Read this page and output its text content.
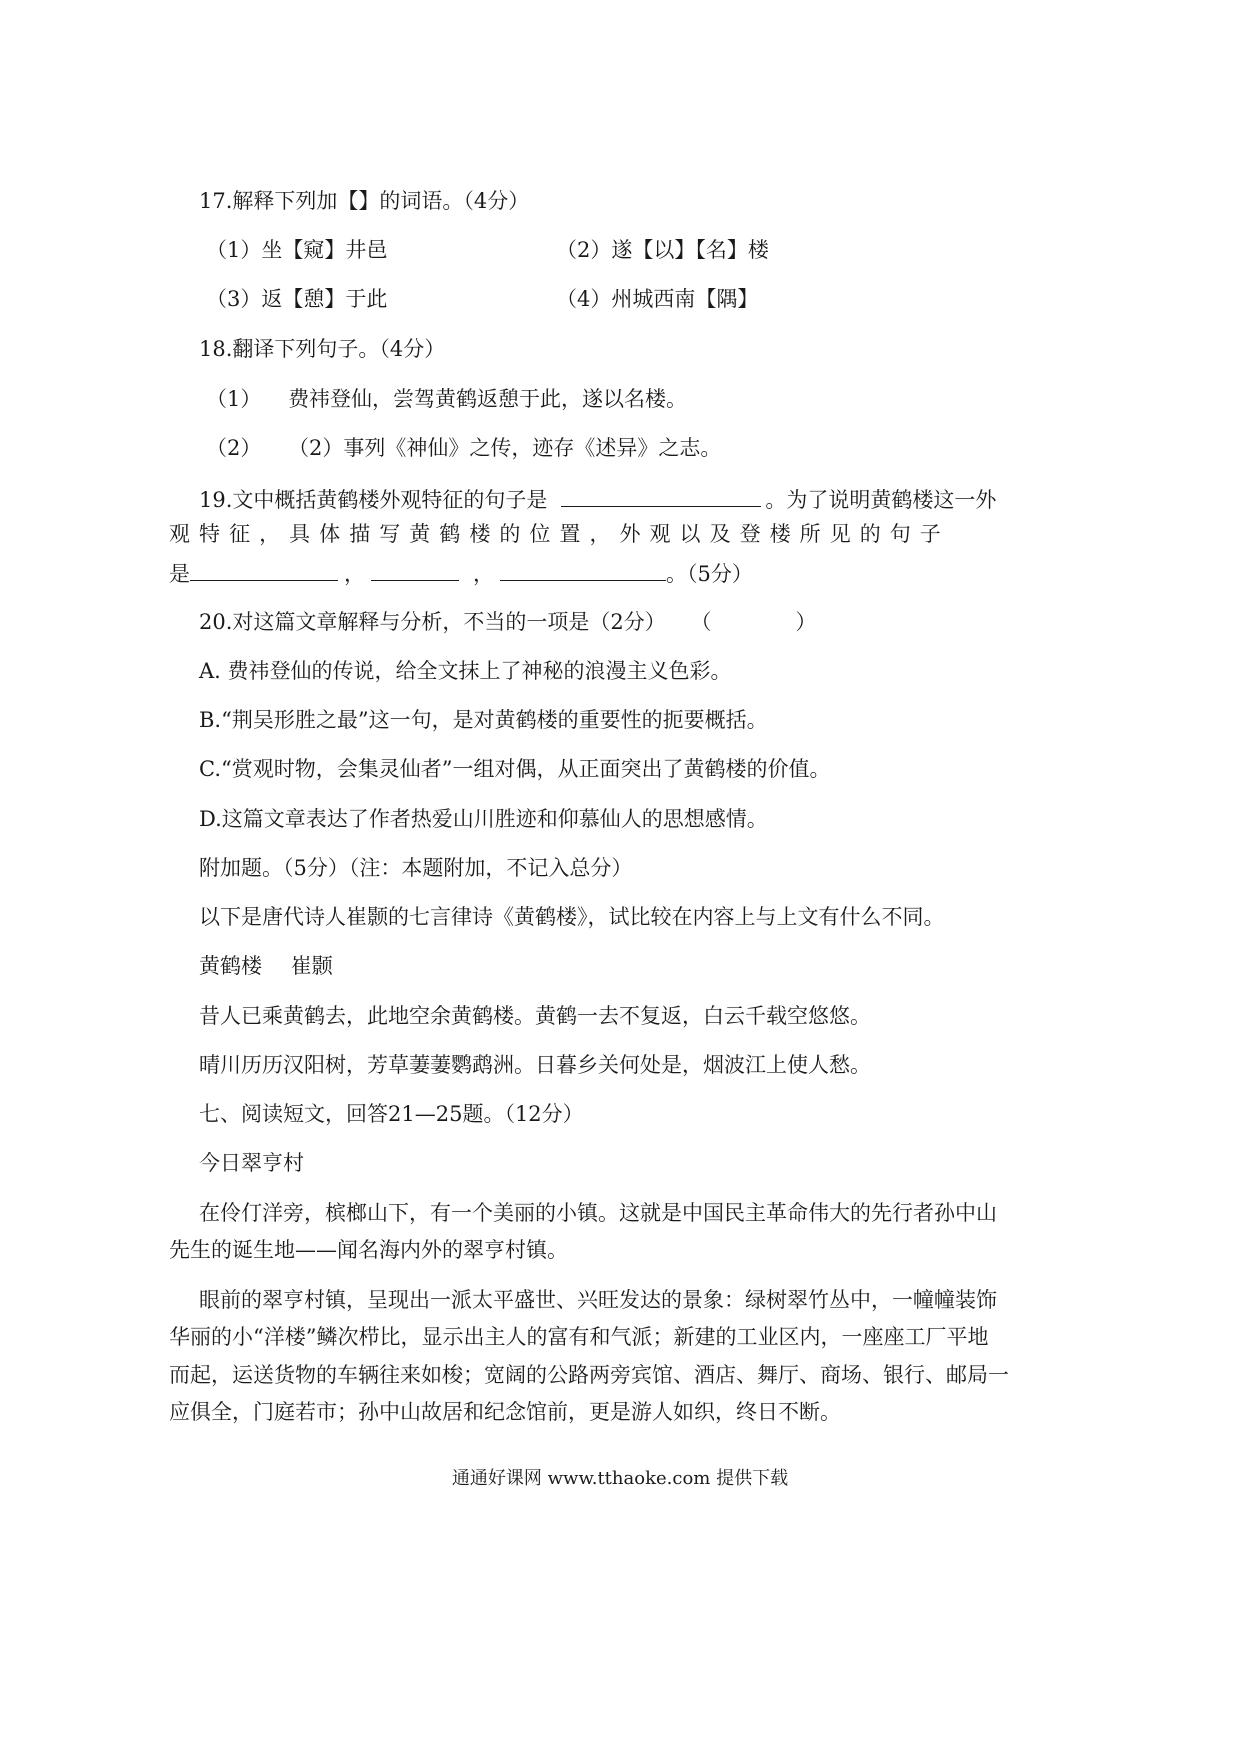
17.解释下列加【】的词语。（4分）
（1）坐【窥】井邑	（2）遂【以】【名】楼
（3）返【憩】于此	（4）州城西南【隅】
18.翻译下列句子。（4分）
（1） 费祎登仙，尝驾黄鹤返憩于此，遂以名楼。
（2） （2）事列《神仙》之传，迹存《述异》之志。
19.文中概括黄鹤楼外观特征的句子是	。为了说明黄鹤楼这一外
观 特 征 ， 具 体 描 写 黄 鹤 楼 的 位 置 ， 外 观 以 及 登 楼 所 见 的 句 子
是	，	，	。（5分）
20.对这篇文章解释与分析，不当的一项是（2分） （　　　　）
A. 费祎登仙的传说，给全文抹上了神秘的浪漫主义色彩。
B.“荆吴形胜之最”这一句，是对黄鹤楼的重要性的扼要概括。
C.“赏观时物，会集灵仙者”一组对偶，从正面突出了黄鹤楼的价值。
D.这篇文章表达了作者热爱山川胜迹和仰慕仙人的思想感情。
附加题。（5分）（注：本题附加，不记入总分）
以下是唐代诗人崔颢的七言律诗《黄鹤楼》，试比较在内容上与上文有什么不同。
黄鹤楼 崔颢
昔人已乘黄鹤去，此地空余黄鹤楼。黄鹤一去不复返，白云千载空悠悠。
晴川历历汉阳树，芳草萋萋鹦鹉洲。日暮乡关何处是，烟波江上使人愁。
七、阅读短文，回答21—25题。（12分）
今日翠亨村
在伶仃洋旁，槟榔山下，有一个美丽的小镇。这就是中国民主革命伟大的先行者孙中山
先生的诞生地——闻名海内外的翠亨村镇。
眼前的翠亨村镇，呈现出一派太平盛世、兴旺发达的景象：绿树翠竹丛中，一幢幢装饰
华丽的小“洋楼”鳞次栉比，显示出主人的富有和气派；新建的工业区内，一座座工厂平地
而起，运送货物的车辆往来如梭；宽阔的公路两旁宾馆、酒店、舞厅、商场、银行、邮局一
应俱全，门庭若市；孙中山故居和纪念馆前，更是游人如织，终日不断。
通通好课网 www.tthaoke.com 提供下载
